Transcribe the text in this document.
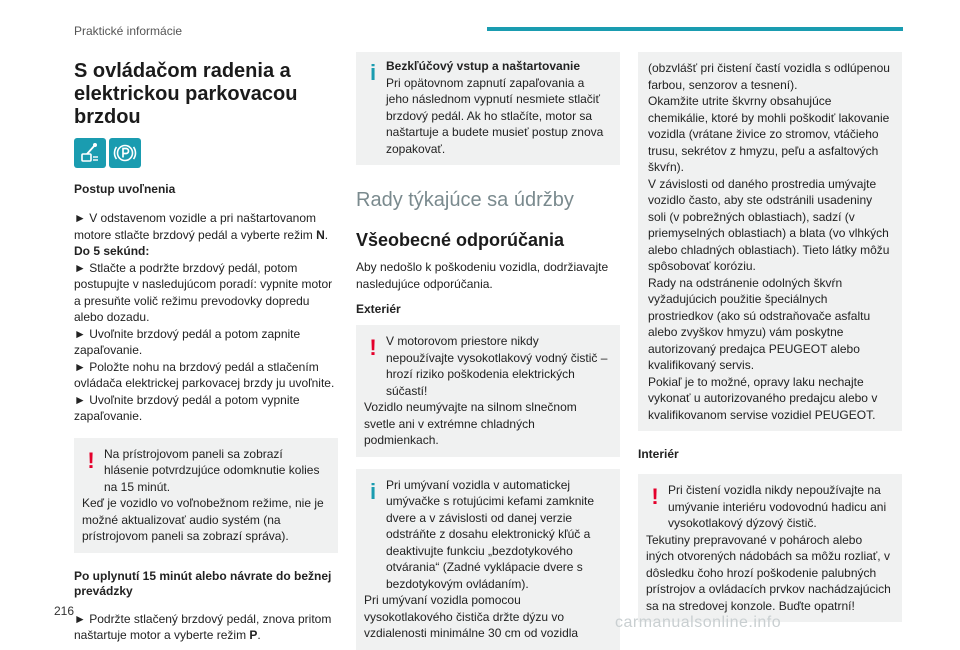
Praktické informácie
S ovládačom radenia a elektrickou parkovacou brzdou

Postup uvoľnenia

► V odstavenom vozidle a pri naštartovanom motore stlačte brzdový pedál a vyberte režim N.

Do 5 sekúnd:

► Stlačte a podržte brzdový pedál, potom postupujte v nasledujúcom poradí: vypnite motor a presuňte volič režimu prevodovky dopredu alebo dozadu.

► Uvoľnite brzdový pedál a potom zapnite zapaľovanie.

► Položte nohu na brzdový pedál a stlačením ovládača elektrickej parkovacej brzdy ju uvoľnite.

► Uvoľnite brzdový pedál a potom vypnite zapaľovanie.

! Na prístrojovom paneli sa zobrazí hlásenie potvrdzujúce odomknutie kolies na 15 minút.

Keď je vozidlo vo voľnobežnom režime, nie je možné aktualizovať audio systém (na prístrojovom paneli sa zobrazí správa).

Po uplynutí 15 minút alebo návrate do bežnej prevádzky

► Podržte stlačený brzdový pedál, znova pritom naštartuje motor a vyberte režim P.

i Bezkľúčový vstup a naštartovanie

Pri opätovnom zapnutí zapaľovania a jeho následnom vypnutí nesmiete stlačiť brzdový pedál. Ak ho stlačíte, motor sa naštartuje a budete musieť postup znova zopakovať.

Rady týkajúce sa údržby
Všeobecné odporúčania

Aby nedošlo k poškodeniu vozidla, dodržiavajte nasledujúce odporúčania.

Exteriér

! V motorovom priestore nikdy nepoužívajte vysokotlakový vodný čistič – hrozí riziko poškodenia elektrických súčastí!

Vozidlo neumývajte na silnom slnečnom svetle ani v extrémne chladných podmienkach.

i Pri umývaní vozidla v automatickej umývačke s rotujúcimi kefami zamknite dvere a v závislosti od danej verzie odstráňte z dosahu elektronický kľúč a deaktivujte funkciu „bezdotykového otvárania“ (Zadné vyklápacie dvere s bezdotykovým ovládaním).

Pri umývaní vozidla pomocou vysokotlakového čističa držte dýzu vo vzdialenosti minimálne 30 cm od vozidla

(obzvlášť pri čistení častí vozidla s odlúpenou farbou, senzorov a tesnení).

Okamžite utrite škvrny obsahujúce chemikálie, ktoré by mohli poškodiť lakovanie vozidla (vrátane živice zo stromov, vtáčieho trusu, sekrétov z hmyzu, peľu a asfaltových škvŕn).

V závislosti od daného prostredia umývajte vozidlo často, aby ste odstránili usadeniny soli (v pobrežných oblastiach), sadzí (v priemyselných oblastiach) a blata (vo vlhkých alebo chladných oblastiach). Tieto látky môžu spôsobovať koróziu.

Rady na odstránenie odolných škvŕn vyžadujúcich použitie špeciálnych prostriedkov (ako sú odstraňovače asfaltu alebo zvyškov hmyzu) vám poskytne autorizovaný predajca PEUGEOT alebo kvalifikovaný servis.

Pokiaľ je to možné, opravy laku nechajte vykonať u autorizovaného predajcu alebo v kvalifikovanom servise vozidiel PEUGEOT.

Interiér

! Pri čistení vozidla nikdy nepoužívajte na umývanie interiéru vodovodnú hadicu ani vysokotlakový dýzový čistič.

Tekutiny prepravované v pohároch alebo iných otvorených nádobách sa môžu rozliať, v dôsledku čoho hrozí poškodenie palubných prístrojov a ovládacích prvkov nachádzajúcich sa na stredovej konzole. Buďte opatrní!

216
carmanualsonline.info
